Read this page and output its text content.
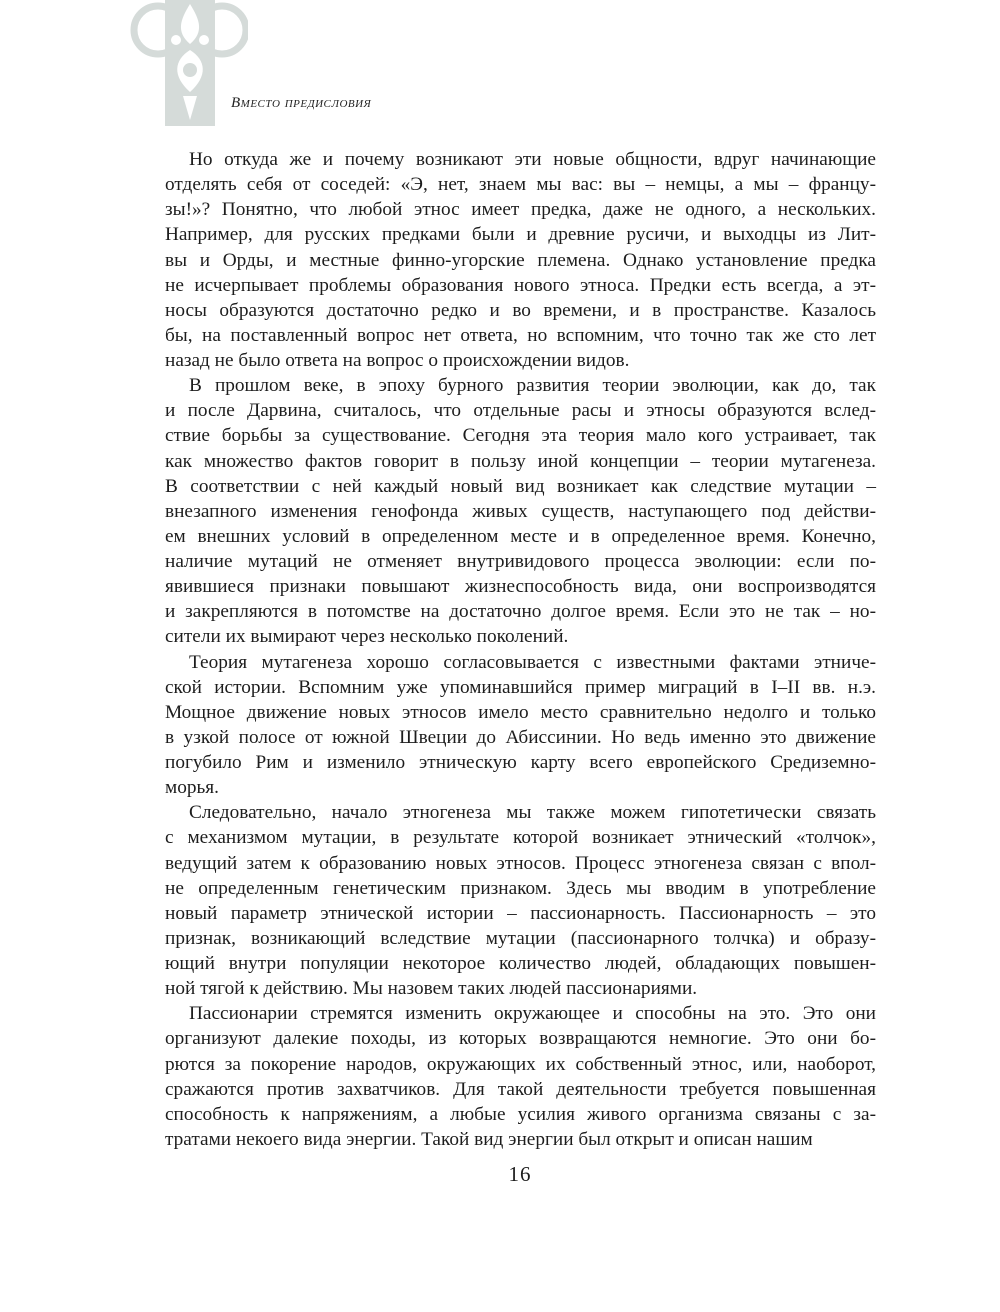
Вместо предисловия
Но откуда же и почему возникают эти новые общности, вдруг начинающие
отделять себя от соседей: «Э, нет, знаем мы вас: вы – немцы, а мы – францу-
зы!»? Понятно, что любой этнос имеет предка, даже не одного, а нескольких.
Например, для русских предками были и древние русичи, и выходцы из Лит-
вы и Орды, и местные финно-угорские племена. Однако установление предка
не исчерпывает проблемы образования нового этноса. Предки есть всегда, а эт-
носы образуются достаточно редко и во времени, и в пространстве. Казалось
бы, на поставленный вопрос нет ответа, но вспомним, что точно так же сто лет
назад не было ответа на вопрос о происхождении видов.
В прошлом веке, в эпоху бурного развития теории эволюции, как до, так
и после Дарвина, считалось, что отдельные расы и этносы образуются вслед-
ствие борьбы за существование. Сегодня эта теория мало кого устраивает, так
как множество фактов говорит в пользу иной концепции – теории мутагенеза.
В соответствии с ней каждый новый вид возникает как следствие мутации –
внезапного изменения генофонда живых существ, наступающего под действи-
ем внешних условий в определенном месте и в определенное время. Конечно,
наличие мутаций не отменяет внутривидового процесса эволюции: если по-
явившиеся признаки повышают жизнеспособность вида, они воспроизводятся
и закрепляются в потомстве на достаточно долгое время. Если это не так – но-
сители их вымирают через несколько поколений.
Теория мутагенеза хорошо согласовывается с известными фактами этниче-
ской истории. Вспомним уже упоминавшийся пример миграций в I–II вв. н.э.
Мощное движение новых этносов имело место сравнительно недолго и только
в узкой полосе от южной Швеции до Абиссинии. Но ведь именно это движение
погубило Рим и изменило этническую карту всего европейского Средиземно-
морья.
Следовательно, начало этногенеза мы также можем гипотетически связать
с механизмом мутации, в результате которой возникает этнический «толчок»,
ведущий затем к образованию новых этносов. Процесс этногенеза связан с впол-
не определенным генетическим признаком. Здесь мы вводим в употребление
новый параметр этнической истории – пассионарность. Пассионарность – это
признак, возникающий вследствие мутации (пассионарного толчка) и образу-
ющий внутри популяции некоторое количество людей, обладающих повышен-
ной тягой к действию. Мы назовем таких людей пассионариями.
Пассионарии стремятся изменить окружающее и способны на это. Это они
организуют далекие походы, из которых возвращаются немногие. Это они бо-
рются за покорение народов, окружающих их собственный этнос, или, наоборот,
сражаются против захватчиков. Для такой деятельности требуется повышенная
способность к напряжениям, а любые усилия живого организма связаны с за-
тратами некоего вида энергии. Такой вид энергии был открыт и описан нашим
16
